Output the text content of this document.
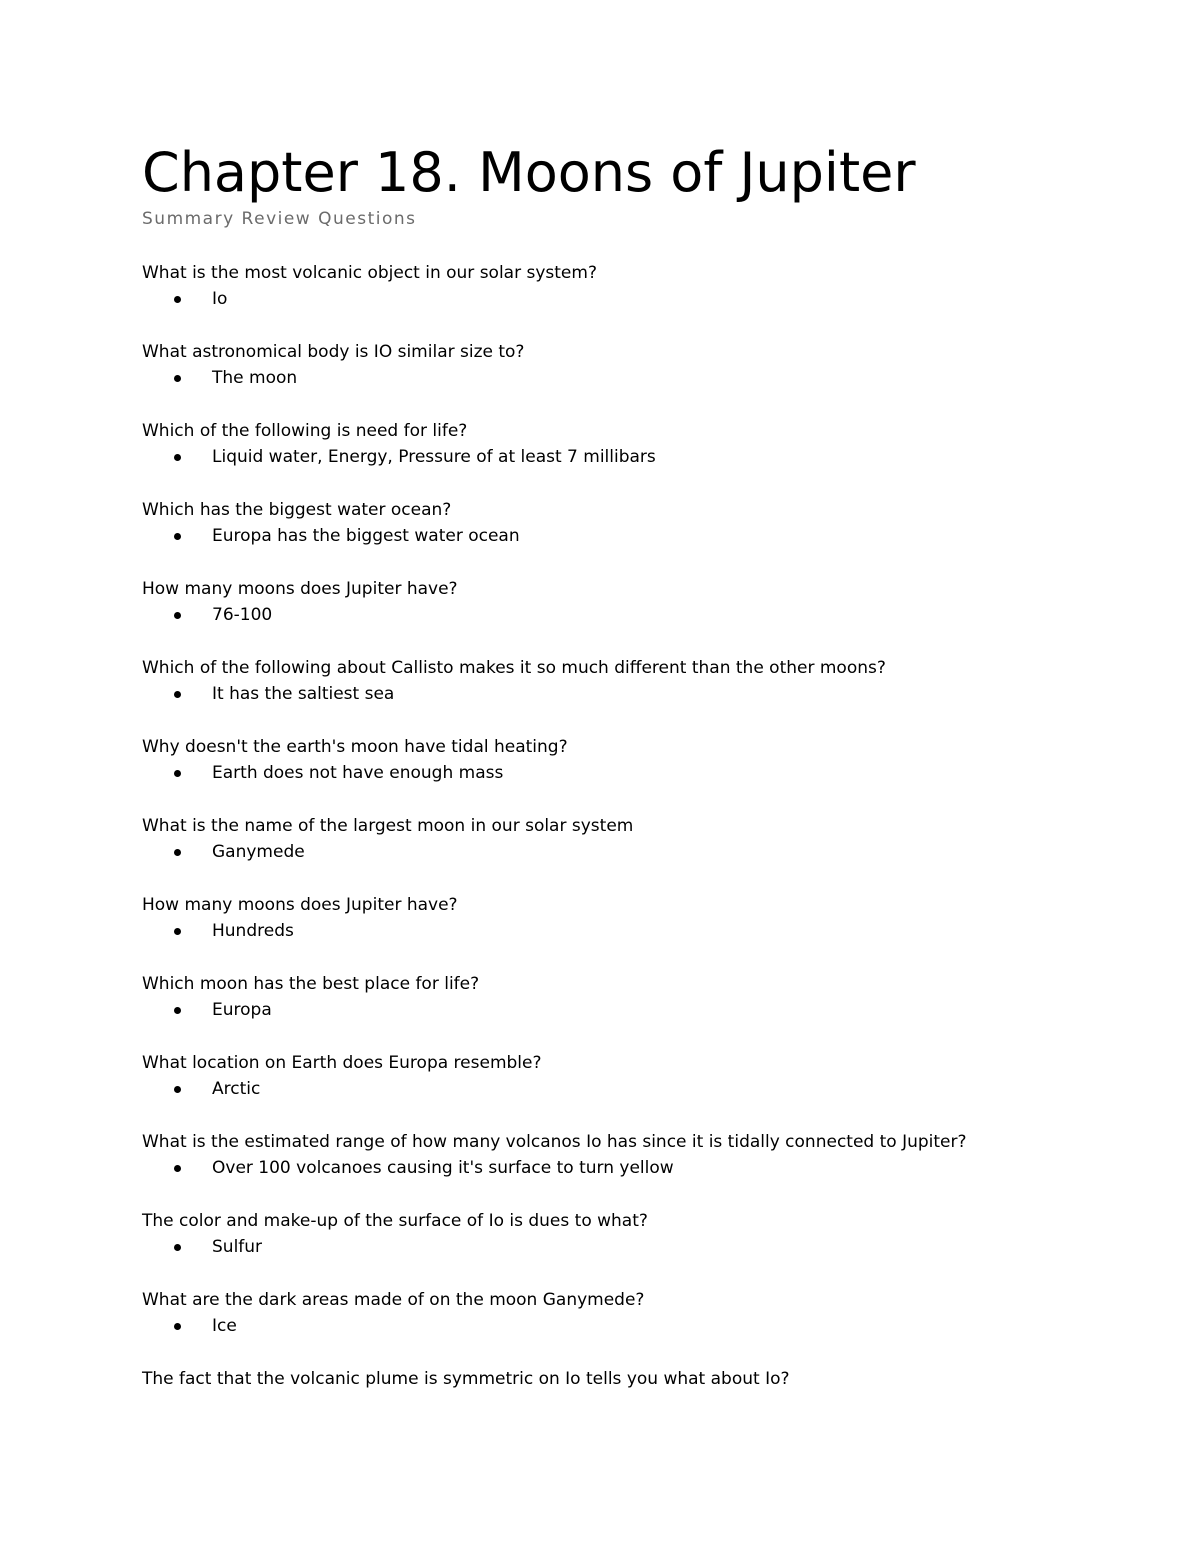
Chapter 18. Moons of Jupiter
Summary Review Questions
What is the most volcanic object in our solar system?
Io
What astronomical body is IO similar size to?
The moon
Which of the following is need for life?
Liquid water, Energy, Pressure of at least 7 millibars
Which has the biggest water ocean?
Europa has the biggest water ocean
How many moons does Jupiter have?
76-100
Which of the following about Callisto makes it so much different than the other moons?
It has the saltiest sea
Why doesn't the earth's moon have tidal heating?
Earth does not have enough mass
What is the name of the largest moon in our solar system
Ganymede
How many moons does Jupiter have?
Hundreds
Which moon has the best place for life?
Europa
What location on Earth does Europa resemble?
Arctic
What is the estimated range of how many volcanos Io has since it is tidally connected to Jupiter?
Over 100 volcanoes causing it's surface to turn yellow
The color and make-up of the surface of Io is dues to what?
Sulfur
What are the dark areas made of on the moon Ganymede?
Ice
The fact that the volcanic plume is symmetric on Io tells you what about Io?
